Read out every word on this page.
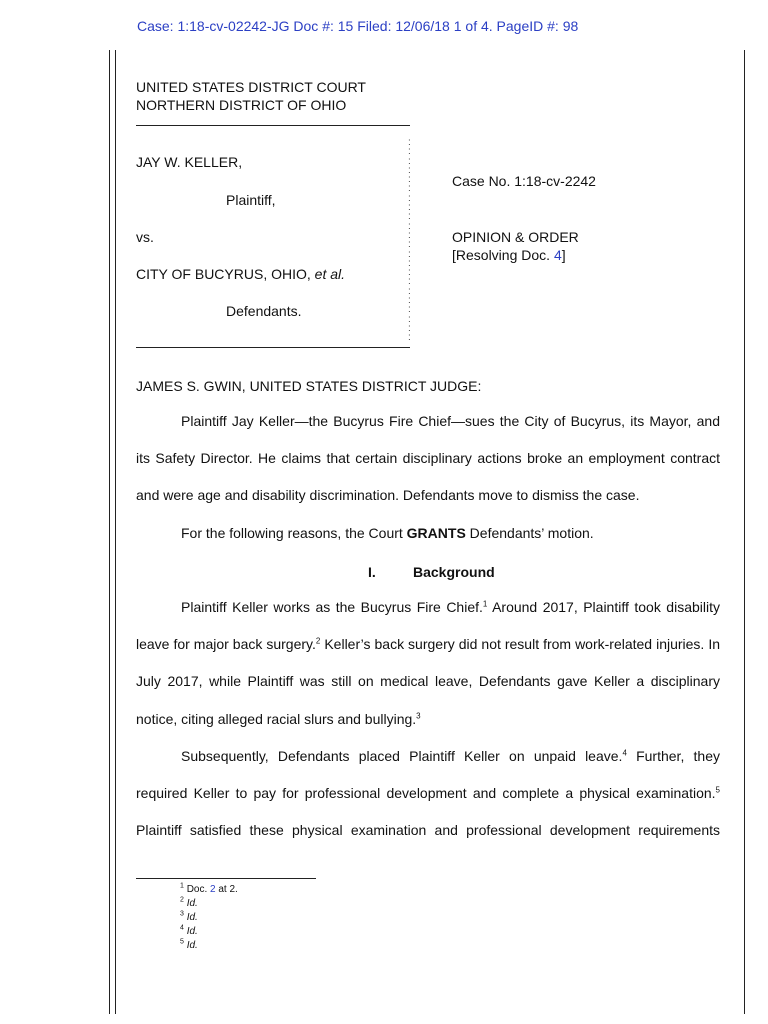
Case: 1:18-cv-02242-JG Doc #: 15 Filed: 12/06/18 1 of 4. PageID #: 98
UNITED STATES DISTRICT COURT
NORTHERN DISTRICT OF OHIO
JAY W. KELLER,
Plaintiff,
vs.
CITY OF BUCYRUS, OHIO, et al.
Defendants.
:
:
:
:
:
:
:
:
:
:
:
:
:
:
:
:
:
:
:
:
:
:
Case No. 1:18-cv-2242
OPINION & ORDER
[Resolving Doc. 4]
JAMES S. GWIN, UNITED STATES DISTRICT JUDGE:

Plaintiff Jay Keller—the Bucyrus Fire Chief—sues the City of Bucyrus, its Mayor, and its Safety Director. He claims that certain disciplinary actions broke an employment contract and were age and disability discrimination. Defendants move to dismiss the case.

For the following reasons, the Court GRANTS Defendants’ motion.

I.	Background

Plaintiff Keller works as the Bucyrus Fire Chief.$^1$ Around 2017, Plaintiff took disability leave for major back surgery.$^2$ Keller’s back surgery did not result from work-related injuries. In July 2017, while Plaintiff was still on medical leave, Defendants gave Keller a disciplinary notice, citing alleged racial slurs and bullying.$^3$

Subsequently, Defendants placed Plaintiff Keller on unpaid leave.$^4$ Further, they required Keller to pay for professional development and complete a physical examination.$^5$ Plaintiff satisfied these physical examination and professional development requirements

$^1$ Doc. 2 at 2.
$^2$ Id.
$^3$ Id.
$^4$ Id.
$^5$ Id.
